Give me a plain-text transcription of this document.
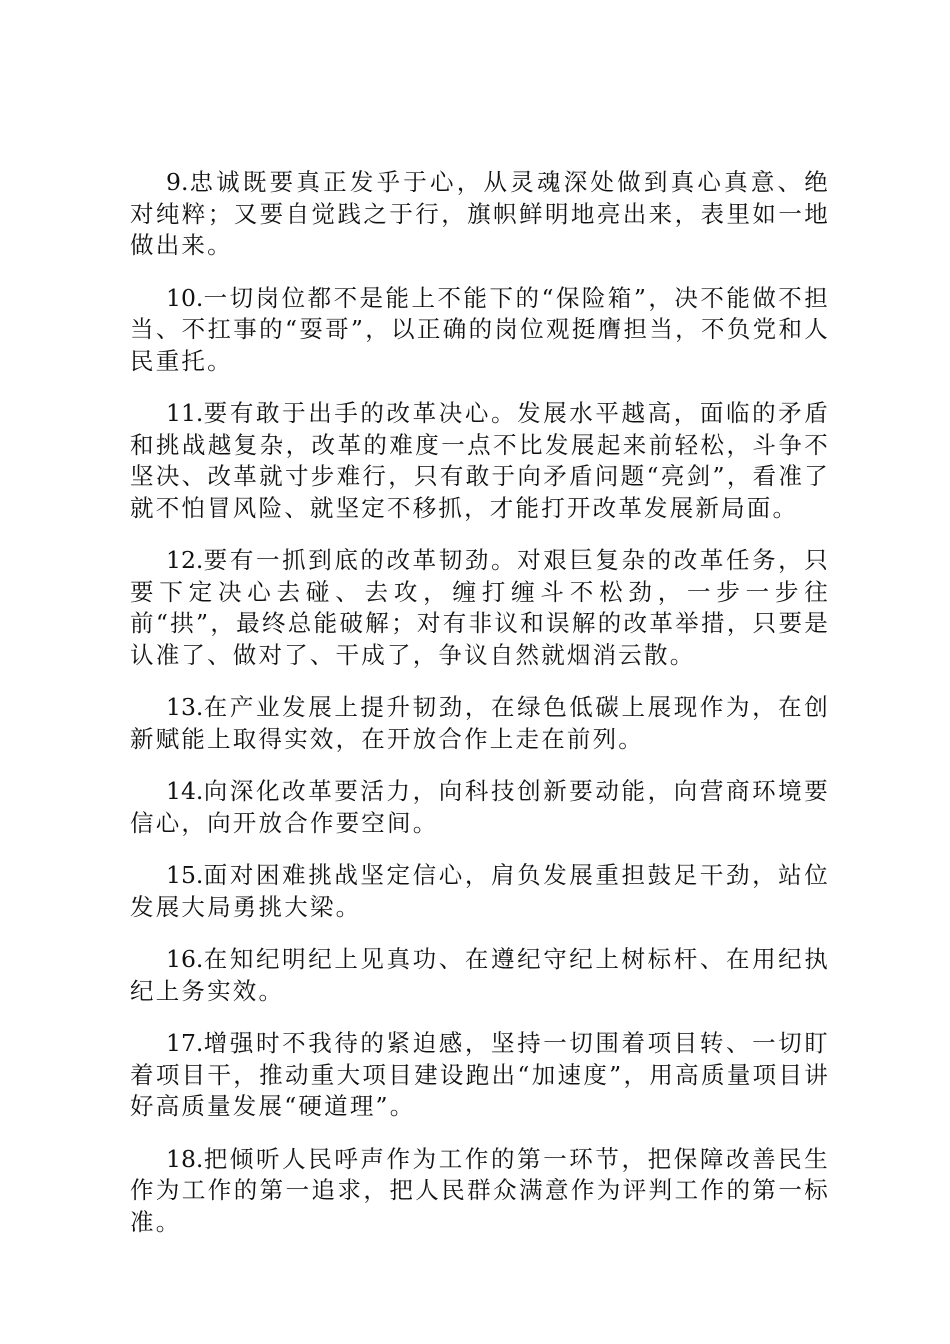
9.忠诚既要真正发乎于心，从灵魂深处做到真心真意、绝对纯粹；又要自觉践之于行，旗帜鲜明地亮出来，表里如一地做出来。

10.一切岗位都不是能上不能下的“保险箱”，决不能做不担当、不扛事的“耍哥”，以正确的岗位观挺膺担当，不负党和人民重托。

11.要有敢于出手的改革决心。发展水平越高，面临的矛盾和挑战越复杂，改革的难度一点不比发展起来前轻松，斗争不坚决、改革就寸步难行，只有敢于向矛盾问题“亮剑”，看准了就不怕冒风险、就坚定不移抓，才能打开改革发展新局面。

12.要有一抓到底的改革韧劲。对艰巨复杂的改革任务，只要下定决心去碰、去攻，缠打缠斗不松劲，一步一步往前“拱”，最终总能破解；对有非议和误解的改革举措，只要是认准了、做对了、干成了，争议自然就烟消云散。

13.在产业发展上提升韧劲，在绿色低碳上展现作为，在创新赋能上取得实效，在开放合作上走在前列。

14.向深化改革要活力，向科技创新要动能，向营商环境要信心，向开放合作要空间。

15.面对困难挑战坚定信心，肩负发展重担鼓足干劲，站位发展大局勇挑大梁。

16.在知纪明纪上见真功、在遵纪守纪上树标杆、在用纪执纪上务实效。

17.增强时不我待的紧迫感，坚持一切围着项目转、一切盯着项目干，推动重大项目建设跑出“加速度”，用高质量项目讲好高质量发展“硬道理”。

18.把倾听人民呼声作为工作的第一环节，把保障改善民生作为工作的第一追求，把人民群众满意作为评判工作的第一标准。
